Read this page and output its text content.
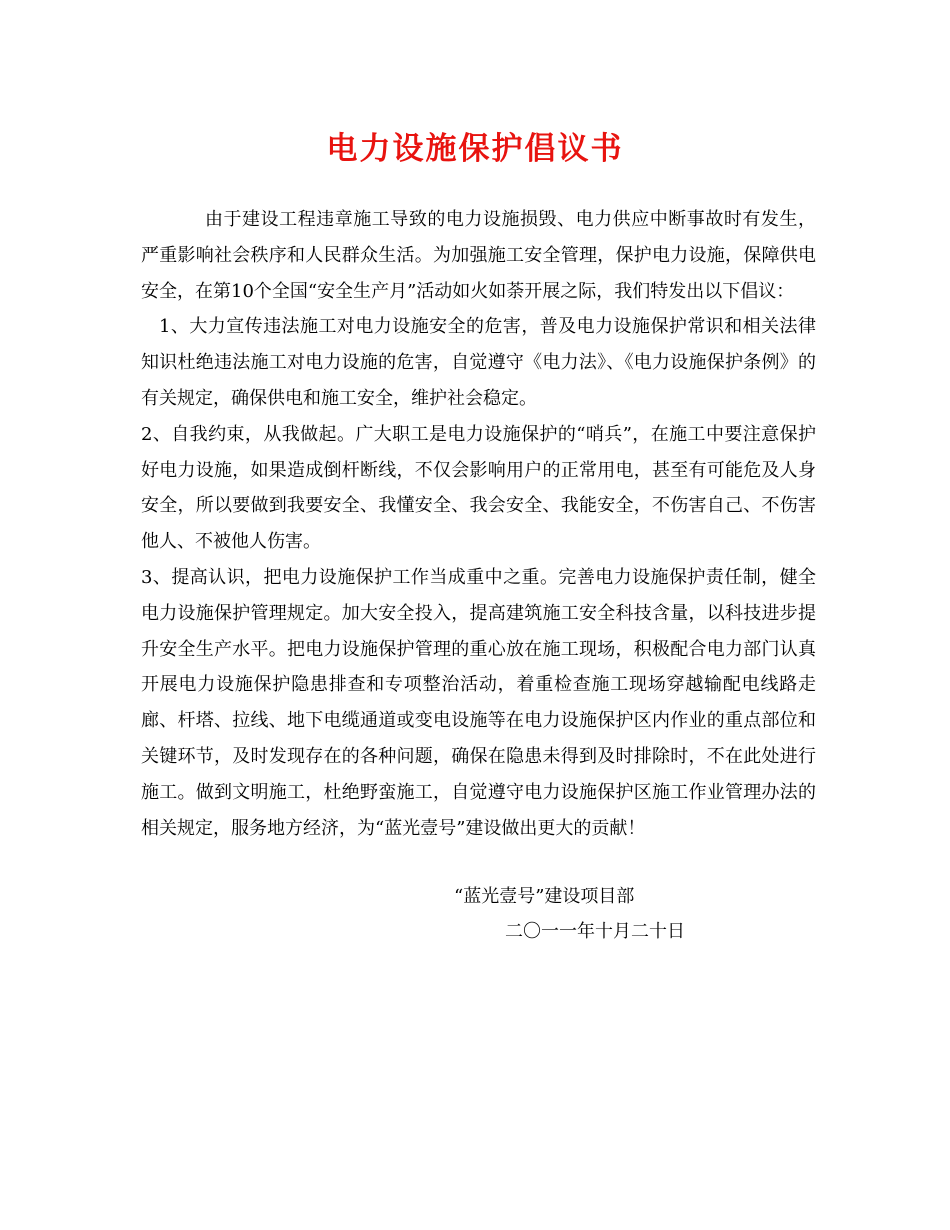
电力设施保护倡议书

由于建设工程违章施工导致的电力设施损毁、电力供应中断事故时有发生，严重影响社会秩序和人民群众生活。为加强施工安全管理，保护电力设施，保障供电安全，在第10个全国“安全生产月”活动如火如荼开展之际，我们特发出以下倡议：

1、大力宣传违法施工对电力设施安全的危害，普及电力设施保护常识和相关法律知识杜绝违法施工对电力设施的危害，自觉遵守《电力法》、《电力设施保护条例》的有关规定，确保供电和施工安全，维护社会稳定。

2、自我约束，从我做起。广大职工是电力设施保护的“哨兵”，在施工中要注意保护好电力设施，如果造成倒杆断线，不仅会影响用户的正常用电，甚至有可能危及人身安全，所以要做到我要安全、我懂安全、我会安全、我能安全，不伤害自己、不伤害他人、不被他人伤害。

3、提高认识，把电力设施保护工作当成重中之重。完善电力设施保护责任制，健全电力设施保护管理规定。加大安全投入，提高建筑施工安全科技含量，以科技进步提升安全生产水平。把电力设施保护管理的重心放在施工现场，积极配合电力部门认真开展电力设施保护隐患排查和专项整治活动，着重检查施工现场穿越输配电线路走廊、杆塔、拉线、地下电缆通道或变电设施等在电力设施保护区内作业的重点部位和关键环节，及时发现存在的各种问题，确保在隐患未得到及时排除时，不在此处进行施工。做到文明施工，杜绝野蛮施工，自觉遵守电力设施保护区施工作业管理办法的相关规定，服务地方经济，为“蓝光壹号”建设做出更大的贡献！

“蓝光壹号”建设项目部
二〇一一年十月二十日
